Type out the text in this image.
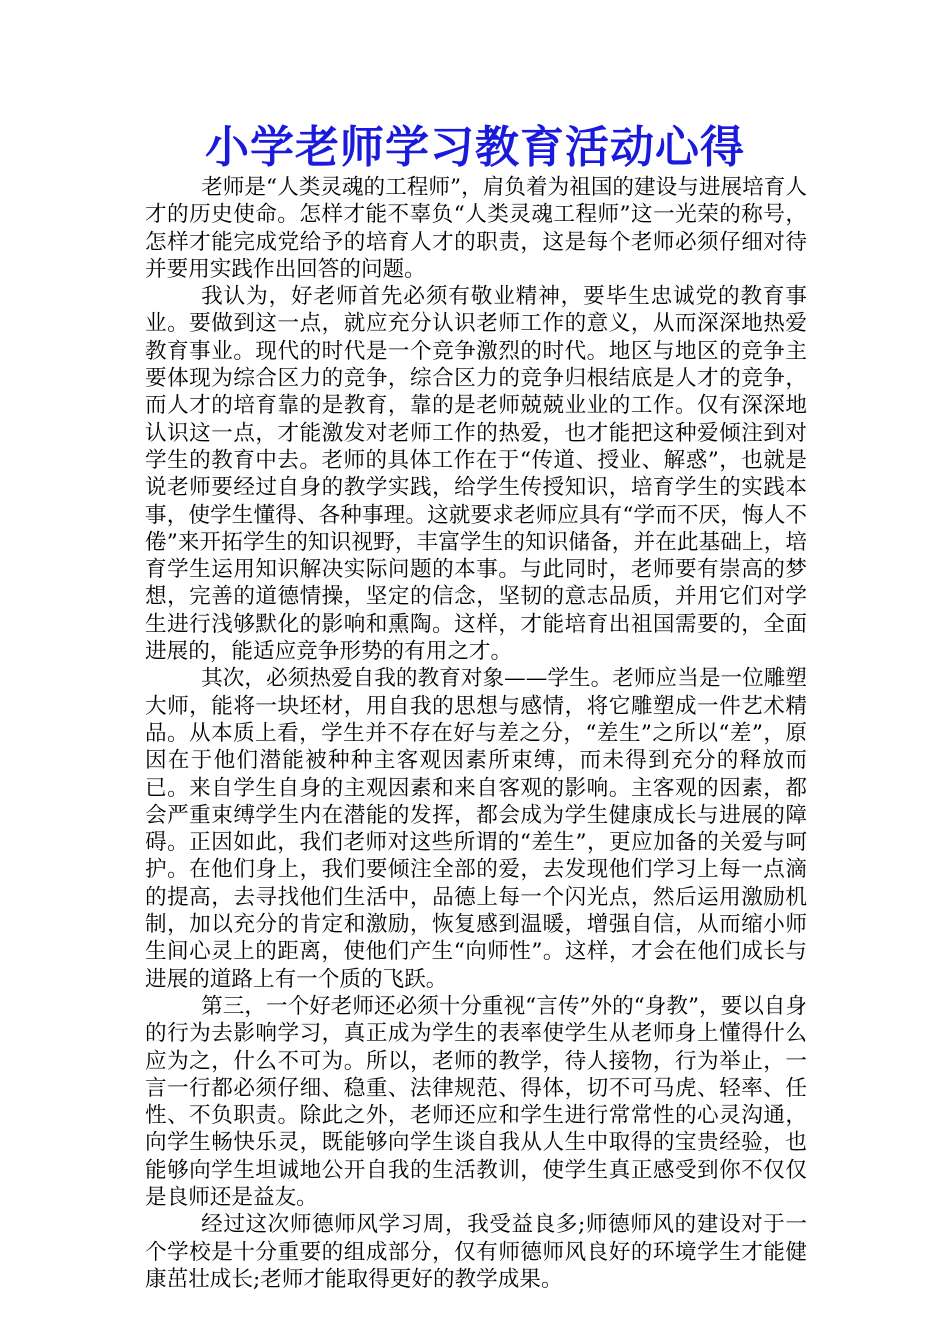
小学老师学习教育活动心得

老师是“人类灵魂的工程师”，肩负着为祖国的建设与进展培育人才的历史使命。怎样才能不辜负“人类灵魂工程师”这一光荣的称号，怎样才能完成党给予的培育人才的职责，这是每个老师必须仔细对待并要用实践作出回答的问题。

我认为，好老师首先必须有敬业精神，要毕生忠诚党的教育事业。要做到这一点，就应充分认识老师工作的意义，从而深深地热爱教育事业。现代的时代是一个竞争激烈的时代。地区与地区的竞争主要体现为综合区力的竞争，综合区力的竞争归根结底是人才的竞争，而人才的培育靠的是教育，靠的是老师兢兢业业的工作。仅有深深地认识这一点，才能激发对老师工作的热爱，也才能把这种爱倾注到对学生的教育中去。老师的具体工作在于“传道、授业、解惑”，也就是说老师要经过自身的教学实践，给学生传授知识，培育学生的实践本事，使学生懂得、各种事理。这就要求老师应具有“学而不厌，悔人不倦”来开拓学生的知识视野，丰富学生的知识储备，并在此基础上，培育学生运用知识解决实际问题的本事。与此同时，老师要有崇高的梦想，完善的道德情操，坚定的信念，坚韧的意志品质，并用它们对学生进行浅够默化的影响和熏陶。这样，才能培育出祖国需要的，全面进展的，能适应竞争形势的有用之才。

其次，必须热爱自我的教育对象——学生。老师应当是一位雕塑大师，能将一块坯材，用自我的思想与感情，将它雕塑成一件艺术精品。从本质上看，学生并不存在好与差之分，“差生”之所以“差”，原因在于他们潜能被种种主客观因素所束缚，而未得到充分的释放而已。来自学生自身的主观因素和来自客观的影响。主客观的因素，都会严重束缚学生内在潜能的发挥，都会成为学生健康成长与进展的障碍。正因如此，我们老师对这些所谓的“差生”，更应加备的关爱与呵护。在他们身上，我们要倾注全部的爱，去发现他们学习上每一点滴的提高，去寻找他们生活中，品德上每一个闪光点，然后运用激励机制，加以充分的肯定和激励，恢复感到温暖，增强自信，从而缩小师生间心灵上的距离，使他们产生“向师性”。这样，才会在他们成长与进展的道路上有一个质的飞跃。

第三，一个好老师还必须十分重视“言传”外的“身教”，要以自身的行为去影响学习，真正成为学生的表率使学生从老师身上懂得什么应为之，什么不可为。所以，老师的教学，待人接物，行为举止，一言一行都必须仔细、稳重、法律规范、得体，切不可马虎、轻率、任性、不负职责。除此之外，老师还应和学生进行常常性的心灵沟通，向学生畅快乐灵，既能够向学生谈自我从人生中取得的宝贵经验，也能够向学生坦诚地公开自我的生活教训，使学生真正感受到你不仅仅是良师还是益友。

经过这次师德师风学习周，我受益良多;师德师风的建设对于一个学校是十分重要的组成部分，仅有师德师风良好的环境学生才能健康茁壮成长;老师才能取得更好的教学成果。
